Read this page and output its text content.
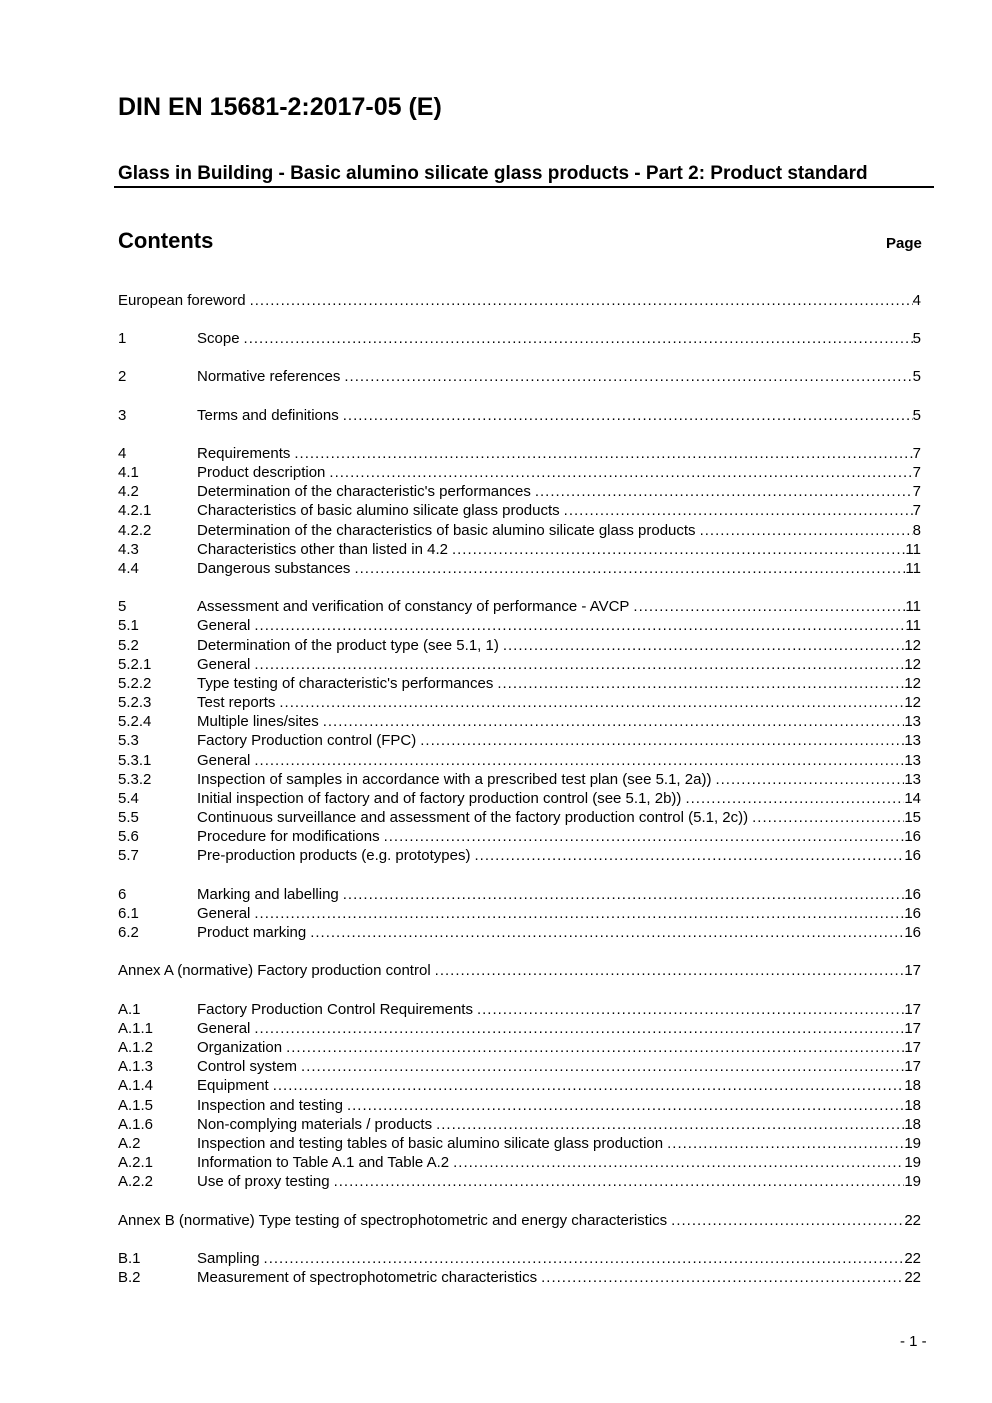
DIN EN 15681-2:2017-05 (E)
Glass in Building - Basic alumino silicate glass products - Part 2: Product standard
Contents	Page
European foreword .....	4
1	Scope .....	5
2	Normative references .....	5
3	Terms and definitions .....	5
4	Requirements .....	7
4.1	Product description .....	7
4.2	Determination of the characteristic's performances .....	7
4.2.1	Characteristics of basic alumino silicate glass products .....	7
4.2.2	Determination of the characteristics of basic alumino silicate glass products .....	8
4.3	Characteristics other than listed in 4.2 .....	11
4.4	Dangerous substances .....	11
5	Assessment and verification of constancy of performance - AVCP .....	11
5.1	General .....	11
5.2	Determination of the product type (see 5.1, 1) .....	12
5.2.1	General .....	12
5.2.2	Type testing of characteristic's performances .....	12
5.2.3	Test reports .....	12
5.2.4	Multiple lines/sites .....	13
5.3	Factory Production control (FPC) .....	13
5.3.1	General .....	13
5.3.2	Inspection of samples in accordance with a prescribed test plan (see 5.1, 2a)) .....	13
5.4	Initial inspection of factory and of factory production control (see 5.1, 2b)) .....	14
5.5	Continuous surveillance and assessment of the factory production control (5.1, 2c)) .....	15
5.6	Procedure for modifications .....	16
5.7	Pre-production products (e.g. prototypes) .....	16
6	Marking and labelling .....	16
6.1	General .....	16
6.2	Product marking .....	16
Annex A (normative) Factory production control .....	17
A.1	Factory Production Control Requirements .....	17
A.1.1	General .....	17
A.1.2	Organization .....	17
A.1.3	Control system .....	17
A.1.4	Equipment .....	18
A.1.5	Inspection and testing .....	18
A.1.6	Non-complying materials / products .....	18
A.2	Inspection and testing tables of basic alumino silicate glass production .....	19
A.2.1	Information to Table A.1 and Table A.2 .....	19
A.2.2	Use of proxy testing .....	19
Annex B (normative) Type testing of spectrophotometric and energy characteristics .....	22
B.1	Sampling .....	22
B.2	Measurement of spectrophotometric characteristics .....	22
- 1 -
